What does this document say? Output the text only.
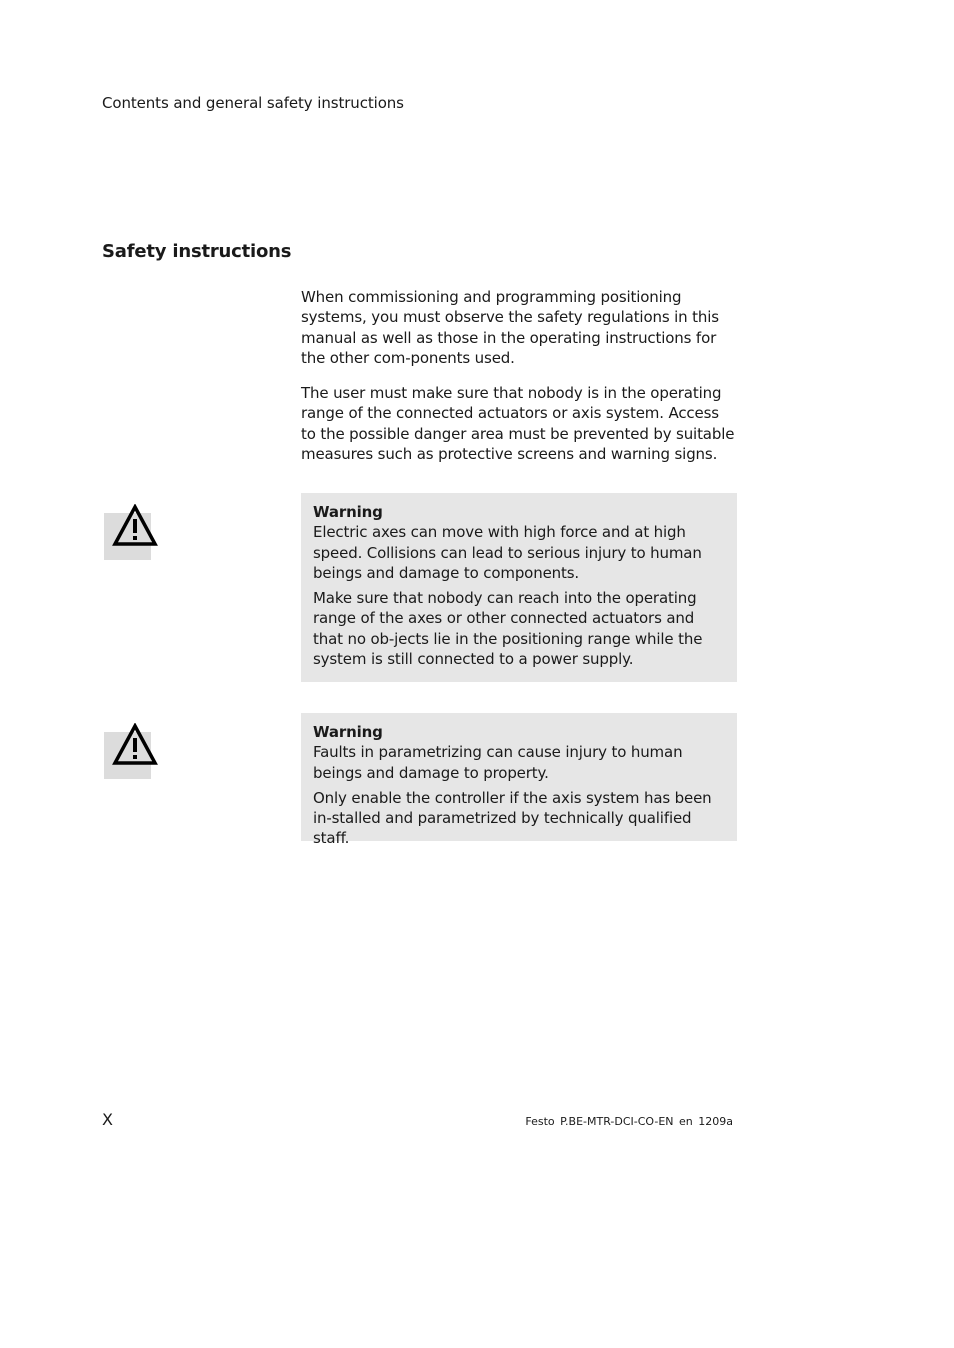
Contents and general safety instructions
Safety instructions

When commissioning and programming positioning systems, you must observe the safety regulations in this manual as well as those in the operating instructions for the other com-ponents used.

The user must make sure that nobody is in the operating range of the connected actuators or axis system. Access to the possible danger area must be prevented by suitable measures such as protective screens and warning signs.

Warning

Electric axes can move with high force and at high speed. Collisions can lead to serious injury to human beings and damage to components.

Make sure that nobody can reach into the operating range of the axes or other connected actuators and that no ob-jects lie in the positioning range while the system is still connected to a power supply.

Warning

Faults in parametrizing can cause injury to human beings and damage to property.

Only enable the controller if the axis system has been in-stalled and parametrized by technically qualified staff.

X	Festo P.BE-MTR-DCI-CO-EN en 1209a
